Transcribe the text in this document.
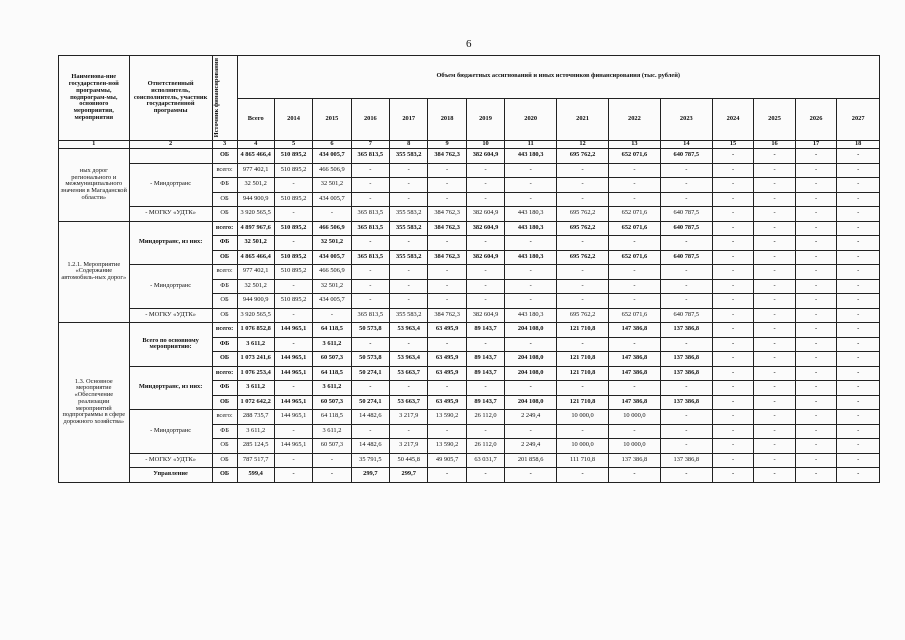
6
Наименова-ние государствен-ной программы, подпрограм-мы, основного мероприятия, мероприятия	Ответственный исполнитель, соисполнитель, участник государственной программы	Источник финансирования	Объем бюджетных ассигнований и иных источников финансирования (тыс. рублей)														
			Всего	2014	2015	2016	2017	2018	2019	2020	2021	2022	2023	2024	2025	2026	2027
1	2	3	4	5	6	7	8	9	10	11	12	13	14	15	16	17	18
ных дорог регионального и межмуниципального значения в Магаданской области»		ОБ	4 865 466,4	510 895,2	434 005,7	365 813,5	355 583,2	384 762,3	382 604,9	443 180,3	695 762,2	652 071,6	640 787,5	-	-	-	-
	- Миндортранс	всего:	977 402,1	510 895,2	466 506,9	-	-	-	-	-	-	-	-	-	-	-	-
		ФБ	32 501,2	-	32 501,2	-	-	-	-	-	-	-	-	-	-	-	-
		ОБ	944 900,9	510 895,2	434 005,7	-	-	-	-	-	-	-	-	-	-	-	-
	- МОГКУ «УДТК»	ОБ	3 920 565,5	-	-	365 813,5	355 583,2	384 762,3	382 604,9	443 180,3	695 762,2	652 071,6	640 787,5	-	-	-	-
1.2.1. Мероприятие «Содержание автомобиль-ных дорог»	Миндортранс, из них:	всего:	4 897 967,6	510 895,2	466 506,9	365 813,5	355 583,2	384 762,3	382 604,9	443 180,3	695 762,2	652 071,6	640 787,5	-	-	-	-
		ФБ	32 501,2	-	32 501,2	-	-	-	-	-	-	-	-	-	-	-	-
		ОБ	4 865 466,4	510 895,2	434 005,7	365 813,5	355 583,2	384 762,3	382 604,9	443 180,3	695 762,2	652 071,6	640 787,5	-	-	-	-
	- Миндортранс	всего:	977 402,1	510 895,2	466 506,9	-	-	-	-	-	-	-	-	-	-	-	-
		ФБ	32 501,2	-	32 501,2	-	-	-	-	-	-	-	-	-	-	-	-
		ОБ	944 900,9	510 895,2	434 005,7	-	-	-	-	-	-	-	-	-	-	-	-
	- МОГКУ «УДТК»	ОБ	3 920 565,5	-	-	365 813,5	355 583,2	384 762,3	382 604,9	443 180,3	695 762,2	652 071,6	640 787,5	-	-	-	-
1.3. Основное мероприятие «Обеспечение реализации мероприятий подпрограммы в сфере дорожного хозяйства»	Всего по основному мероприятию:	всего:	1 076 852,8	144 965,1	64 118,5	50 573,8	53 963,4	63 495,9	89 143,7	204 108,0	121 710,8	147 386,8	137 386,8	-	-	-	-
		ФБ	3 611,2	-	3 611,2	-	-	-	-	-	-	-	-	-	-	-	-
		ОБ	1 073 241,6	144 965,1	60 507,3	50 573,8	53 963,4	63 495,9	89 143,7	204 108,0	121 710,8	147 386,8	137 386,8	-	-	-	-
	Миндортранс, из них:	всего:	1 076 253,4	144 965,1	64 118,5	50 274,1	53 663,7	63 495,9	89 143,7	204 108,0	121 710,8	147 386,8	137 386,8	-	-	-	-
		ФБ	3 611,2	-	3 611,2	-	-	-	-	-	-	-	-	-	-	-	-
		ОБ	1 072 642,2	144 965,1	60 507,3	50 274,1	53 663,7	63 495,9	89 143,7	204 108,0	121 710,8	147 386,8	137 386,8	-	-	-	-
	- Миндортранс	всего:	288 735,7	144 965,1	64 118,5	14 482,6	3 217,9	13 590,2	26 112,0	2 249,4	10 000,0	10 000,0	-	-	-	-	-
		ФБ	3 611,2	-	3 611,2	-	-	-	-	-	-	-	-	-	-	-	-
		ОБ	285 124,5	144 965,1	60 507,3	14 482,6	3 217,9	13 590,2	26 112,0	2 249,4	10 000,0	10 000,0	-	-	-	-	-
	- МОГКУ «УДТК»	ОБ	787 517,7	-	-	35 791,5	50 445,8	49 905,7	63 031,7	201 858,6	111 710,8	137 386,8	137 386,8	-	-	-	-
	Управление	ОБ	599,4	-	-	299,7	299,7	-	-	-	-	-	-	-	-	-	-
